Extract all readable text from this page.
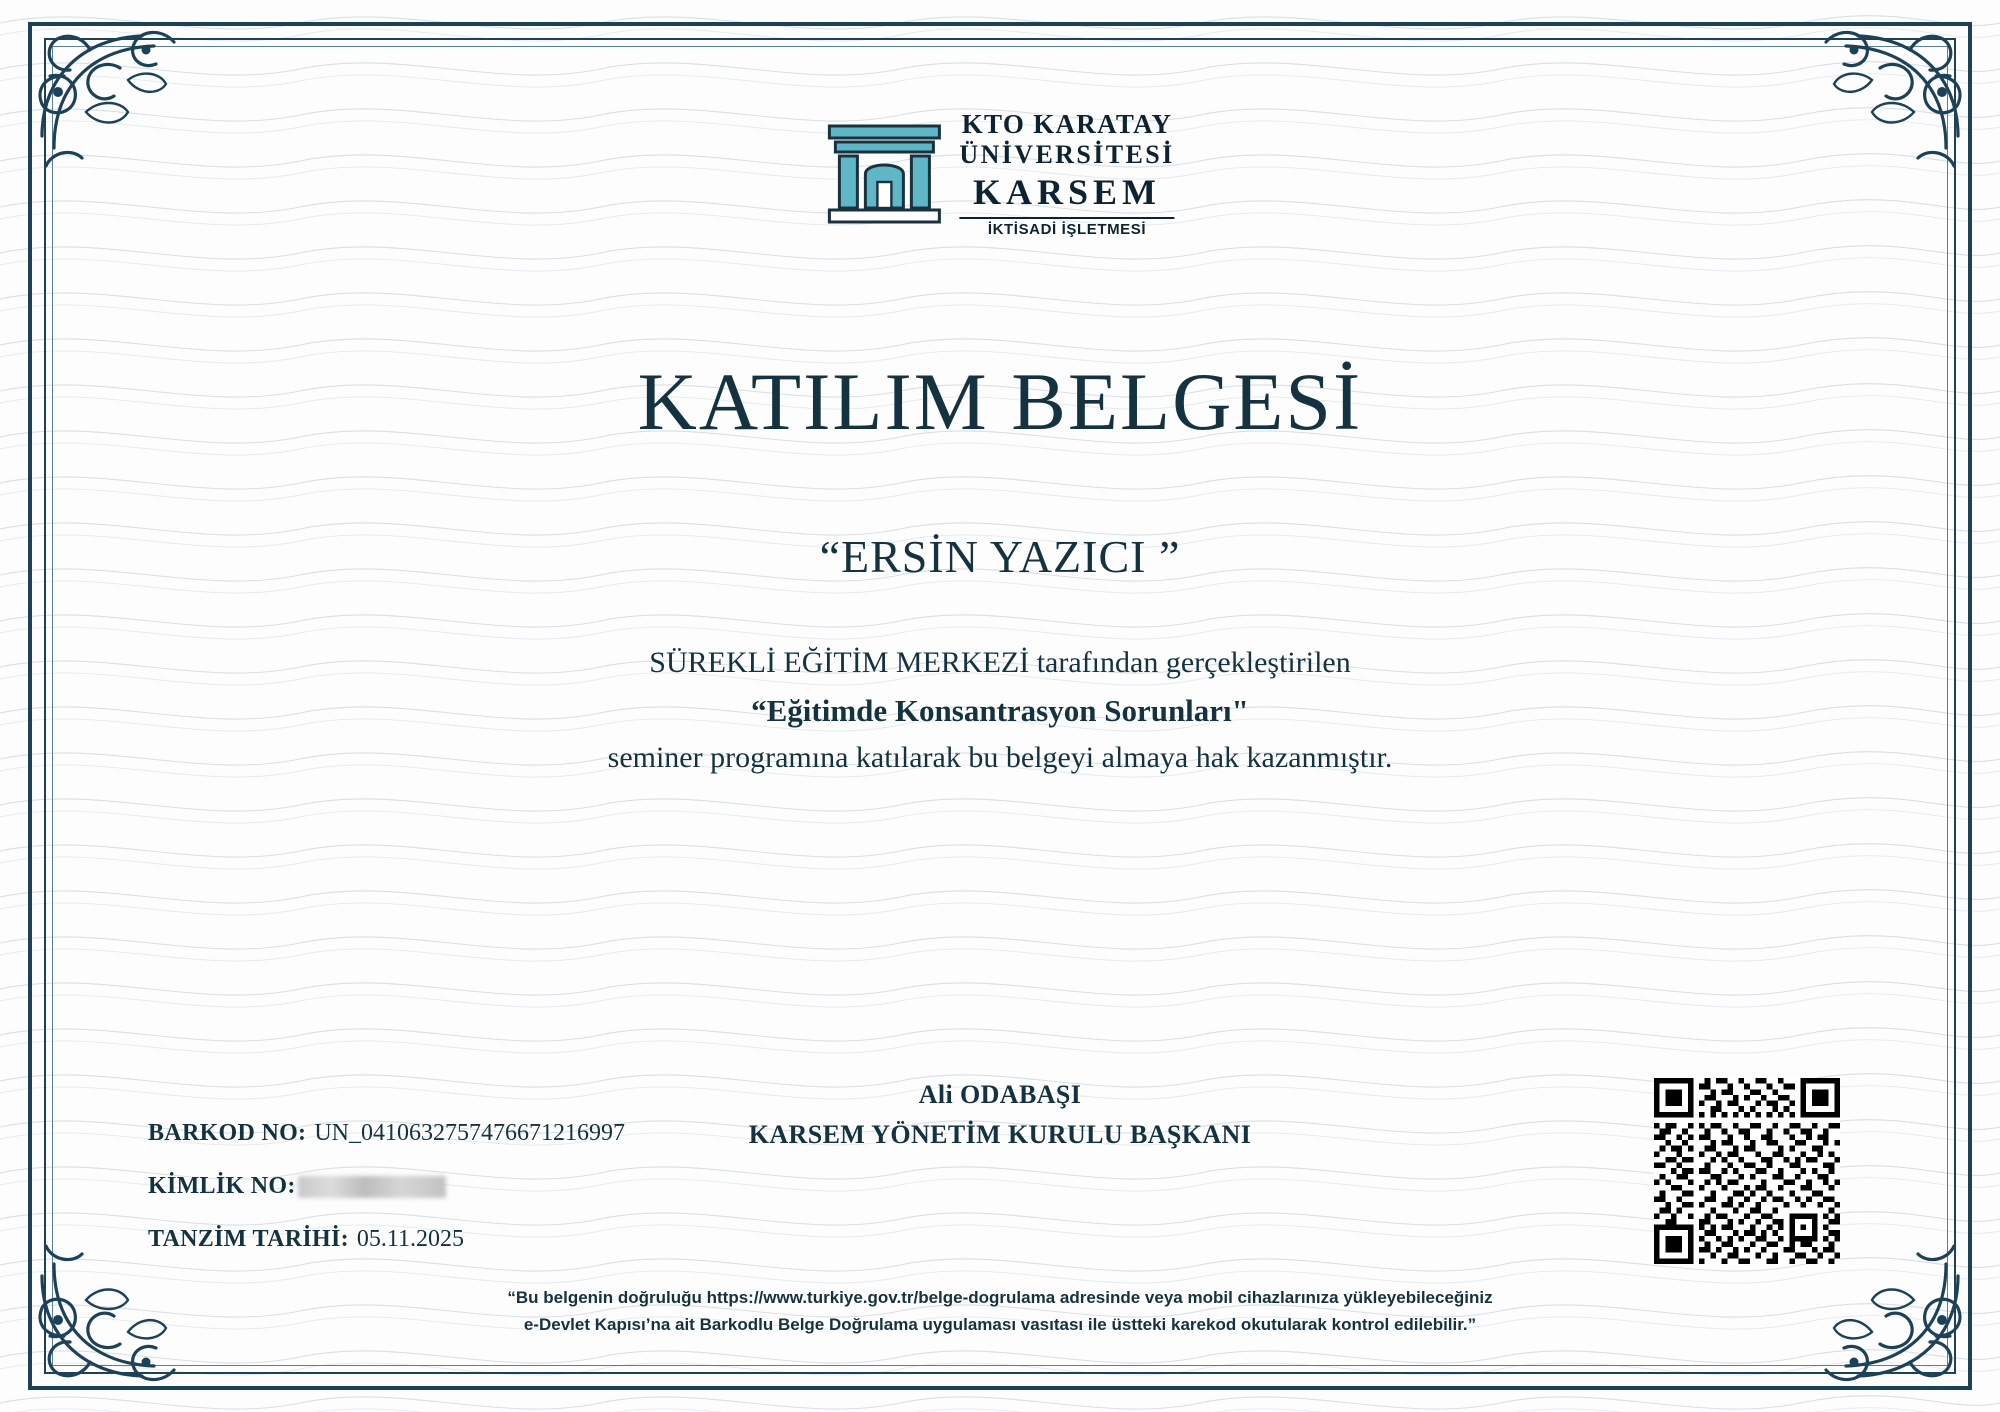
KTO KARATAY
ÜNİVERSİTESİ
KARSEM
İKTİSADİ İŞLETMESİ
KATILIM BELGESİ
“ERSİN YAZICI ”
SÜREKLİ EĞİTİM MERKEZİ tarafından gerçekleştirilen
“Eğitimde Konsantrasyon Sorunları"
seminer programına katılarak bu belgeyi almaya hak kazanmıştır.
Ali ODABAŞI
KARSEM YÖNETİM KURULU BAŞKANI
BARKOD NO: UN_0410632757476671216997
KİMLİK NO:
TANZİM TARİHİ: 05.11.2025
“Bu belgenin doğruluğu https://www.turkiye.gov.tr/belge-dogrulama adresinde veya mobil cihazlarınıza yükleyebileceğiniz
e-Devlet Kapısı’na ait Barkodlu Belge Doğrulama uygulaması vasıtası ile üstteki karekod okutularak kontrol edilebilir.”
